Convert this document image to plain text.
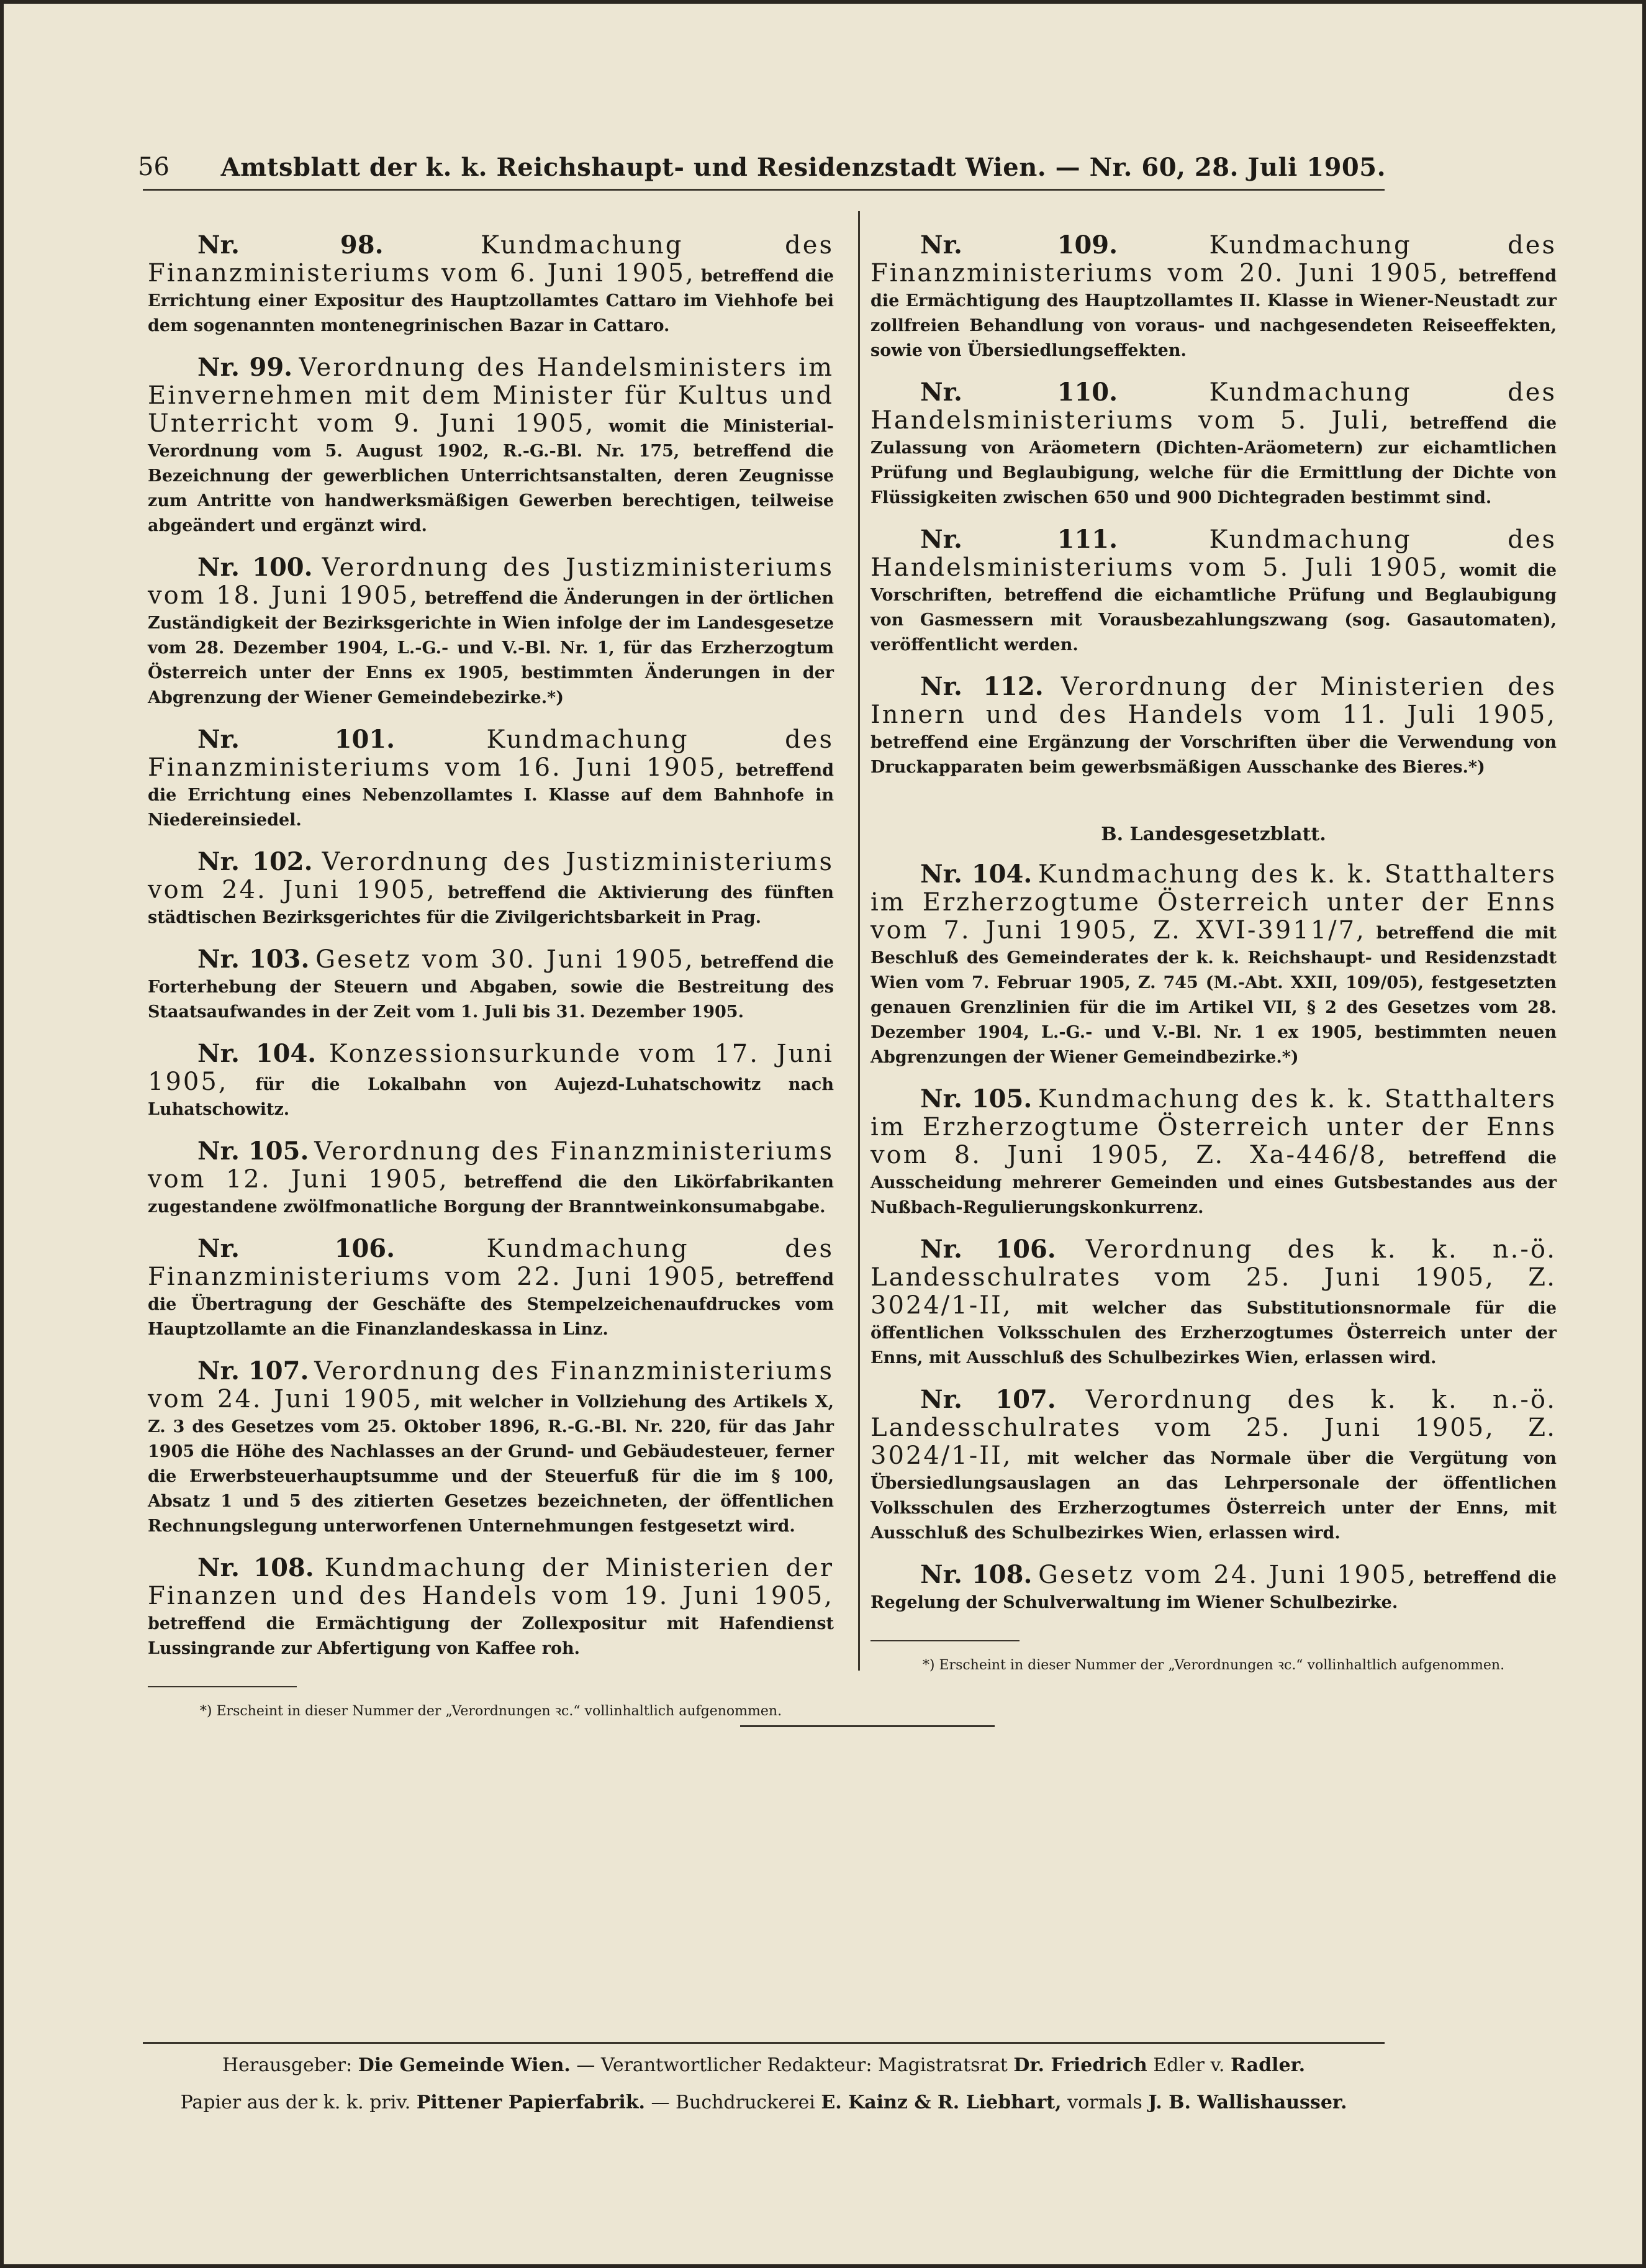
56 Amtsblatt der k. k. Reichshaupt- und Residenzstadt Wien. — Nr. 60, 28. Juli 1905.

Nr. 98.	Kundmachung des Finanzministeriums vom 6. Juni 1905, betreffend die Errichtung einer Expositur des Hauptzollamtes Cattaro im Viehhofe bei dem sogenannten montenegrinischen Bazar in Cattaro.

Nr. 99. Verordnung des Handelsministers im Einvernehmen mit dem Minister für Kultus und Unterricht vom 9. Juni 1905, womit die Ministerial-Verordnung vom 5. August 1902, R.-G.-Bl. Nr. 175, betreffend die Bezeichnung der gewerblichen Unterrichtsanstalten, deren Zeugnisse zum Antritte von handwerksmäßigen Gewerben berechtigen, teilweise abgeändert und ergänzt wird.

Nr. 100. Verordnung des Justizministeriums vom 18. Juni 1905, betreffend die Änderungen in der örtlichen Zuständigkeit der Bezirksgerichte in Wien infolge der im Landesgesetze vom 28. Dezember 1904, L.-G.- und V.-Bl. Nr. 1, für das Erzherzogtum Österreich unter der Enns ex 1905, bestimmten Änderungen in der Abgrenzung der Wiener Gemeindebezirke.*)

Nr. 101.	Kundmachung des Finanzministeriums vom 16. Juni 1905, betreffend die Errichtung eines Nebenzollamtes I. Klasse auf dem Bahnhofe in Niedereinsiedel.

Nr. 102. Verordnung des Justizministeriums vom 24. Juni 1905, betreffend die Aktivierung des fünften städtischen Bezirksgerichtes für die Zivilgerichtsbarkeit in Prag.

Nr. 103. Gesetz vom 30. Juni 1905, betreffend die Forterhebung der Steuern und Abgaben, sowie die Bestreitung des Staatsaufwandes in der Zeit vom 1. Juli bis 31. Dezember 1905.

Nr. 104. Konzessionsurkunde vom 17. Juni 1905, für die Lokalbahn von Aujezd-Luhatschowitz nach Luhatschowitz.

Nr. 105. Verordnung des Finanzministeriums vom 12. Juni 1905, betreffend die den Likörfabrikanten zugestandene zwölfmonatliche Borgung der Branntweinkonsumabgabe.

Nr. 106.	Kundmachung des Finanzministeriums vom 22. Juni 1905, betreffend die Übertragung der Geschäfte des Stempelzeichenaufdruckes vom Hauptzollamte an die Finanzlandeskassa in Linz.

Nr. 107. Verordnung des Finanzministeriums vom 24. Juni 1905, mit welcher in Vollziehung des Artikels X, Z. 3 des Gesetzes vom 25. Oktober 1896, R.-G.-Bl. Nr. 220, für das Jahr 1905 die Höhe des Nachlasses an der Grund- und Gebäudesteuer, ferner die Erwerbsteuerhauptsumme und der Steuerfuß für die im § 100, Absatz 1 und 5 des zitierten Gesetzes bezeichneten, der öffentlichen Rechnungslegung unterworfenen Unternehmungen festgesetzt wird.

Nr. 108. Kundmachung der Ministerien der Finanzen und des Handels vom 19. Juni 1905, betreffend die Ermächtigung der Zollexpositur mit Hafendienst Lussingrande zur Abfertigung von Kaffee roh.

*) Erscheint in dieser Nummer der „Verordnungen ꝛc.“ vollinhaltlich aufgenommen.

Nr. 109.	Kundmachung des Finanzministeriums vom 20. Juni 1905, betreffend die Ermächtigung des Hauptzollamtes II. Klasse in Wiener-Neustadt zur zollfreien Behandlung von voraus- und nachgesendeten Reiseeffekten, sowie von Übersiedlungseffekten.

Nr. 110.	Kundmachung des Handelsministeriums vom 5. Juli, betreffend die Zulassung von Aräometern (Dichten-Aräometern) zur eichamtlichen Prüfung und Beglaubigung, welche für die Ermittlung der Dichte von Flüssigkeiten zwischen 650 und 900 Dichtegraden bestimmt sind.

Nr. 111.	Kundmachung des Handelsministeriums vom 5. Juli 1905, womit die Vorschriften, betreffend die eichamtliche Prüfung und Beglaubigung von Gasmessern mit Vorausbezahlungszwang (sog. Gasautomaten), veröffentlicht werden.

Nr. 112. Verordnung der Ministerien des Innern und des Handels vom 11. Juli 1905, betreffend eine Ergänzung der Vorschriften über die Verwendung von Druckapparaten beim gewerbsmäßigen Ausschanke des Bieres.*)

B. Landesgesetzblatt.

Nr. 104. Kundmachung des k. k. Statthalters im Erzherzogtume Österreich unter der Enns vom 7. Juni 1905, Z. XVI-3911/7, betreffend die mit Beschluß des Gemeinderates der k. k. Reichshaupt- und Residenzstadt Wien vom 7. Februar 1905, Z. 745 (M.-Abt. XXII, 109/05), festgesetzten genauen Grenzlinien für die im Artikel VII, § 2 des Gesetzes vom 28. Dezember 1904, L.-G.- und V.-Bl. Nr. 1 ex 1905, bestimmten neuen Abgrenzungen der Wiener Gemeindbezirke.*)

Nr. 105. Kundmachung des k. k. Statthalters im Erzherzogtume Österreich unter der Enns vom 8. Juni 1905, Z. Xa-446/8, betreffend die Ausscheidung mehrerer Gemeinden und eines Gutsbestandes aus der Nußbach-Regulierungskonkurrenz.

Nr. 106. Verordnung des k. k. n.-ö. Landesschulrates vom 25. Juni 1905, Z. 3024/1-II, mit welcher das Substitutionsnormale für die öffentlichen Volksschulen des Erzherzogtumes Österreich unter der Enns, mit Ausschluß des Schulbezirkes Wien, erlassen wird.

Nr. 107. Verordnung des k. k. n.-ö. Landesschulrates vom 25. Juni 1905, Z. 3024/1-II, mit welcher das Normale über die Vergütung von Übersiedlungsauslagen an das Lehrpersonale der öffentlichen Volksschulen des Erzherzogtumes Österreich unter der Enns, mit Ausschluß des Schulbezirkes Wien, erlassen wird.

Nr. 108. Gesetz vom 24. Juni 1905, betreffend die Regelung der Schulverwaltung im Wiener Schulbezirke.

*) Erscheint in dieser Nummer der „Verordnungen ꝛc.“ vollinhaltlich aufgenommen.

Herausgeber: Die Gemeinde Wien. — Verantwortlicher Redakteur: Magistratsrat Dr. Friedrich Edler v. Radler.
Papier aus der k. k. priv. Pittener Papierfabrik. — Buchdruckerei E. Kainz & R. Liebhart, vormals J. B. Wallishausser.
